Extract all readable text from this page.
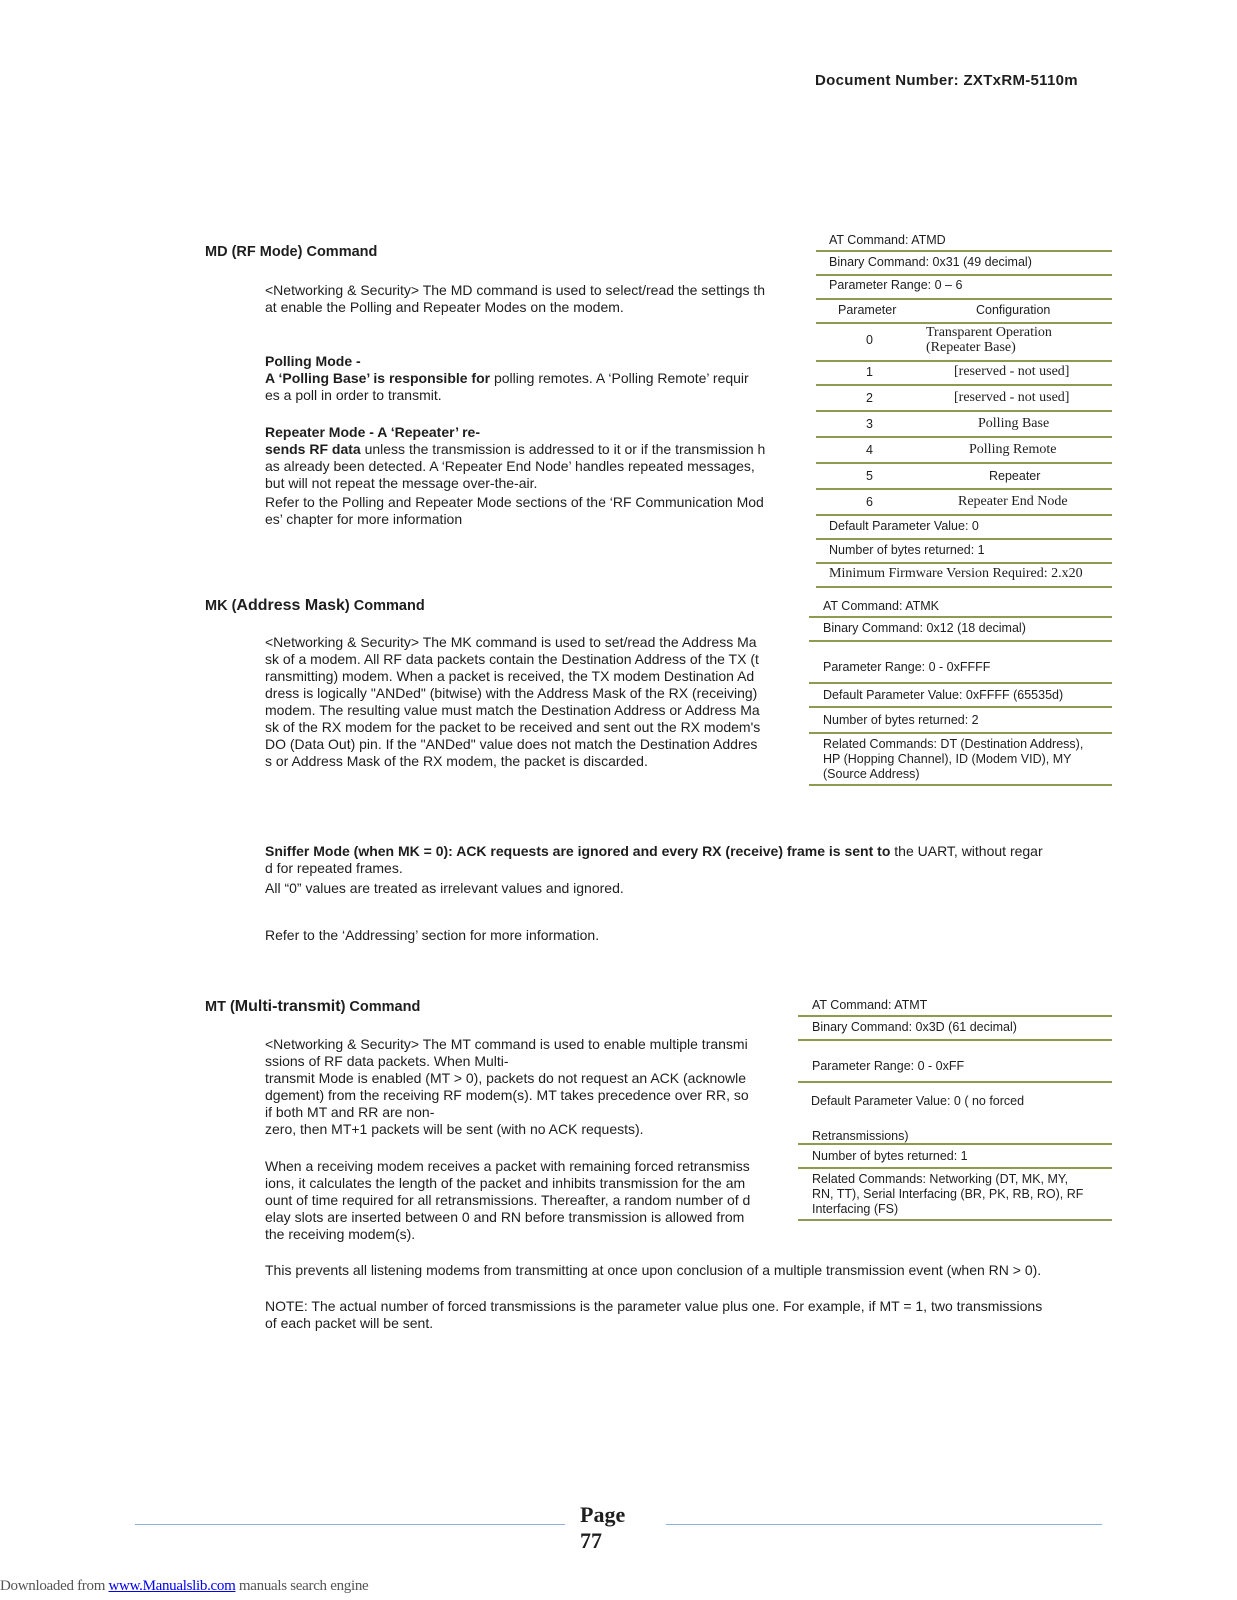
Document Number: ZXTxRM-5110m
MD (RF Mode) Command
<Networking & Security> The MD command is used to select/read the settings th
at enable the Polling and Repeater Modes on the modem.

Polling Mode -
A ‘Polling Base’ is responsible for polling remotes. A ‘Polling Remote’ requir
es a poll in order to transmit.

Repeater Mode - A ‘Repeater’ re-
sends RF data unless the transmission is addressed to it or if the transmission h
as already been detected. A ‘Repeater End Node’ handles repeated messages,
but will not repeat the message over-the-air.

Refer to the Polling and Repeater Mode sections of the ‘RF Communication Mod
es’ chapter for more information
AT Command: ATMD
Binary Command: 0x31 (49 decimal)
Parameter Range: 0 – 6
Parameter	Configuration
0	Transparent Operation
(Repeater Base)
1	[reserved - not used]
2	[reserved - not used]
3	Polling Base
4	Polling Remote
5	Repeater
6	Repeater End Node
Default Parameter Value: 0
Number of bytes returned: 1
Minimum Firmware Version Required: 2.x20
MK (Address Mask) Command
<Networking & Security> The MK command is used to set/read the Address Ma
sk of a modem. All RF data packets contain the Destination Address of the TX (t
ransmitting) modem. When a packet is received, the TX modem Destination Ad
dress is logically "ANDed" (bitwise) with the Address Mask of the RX (receiving)
modem. The resulting value must match the Destination Address or Address Ma
sk of the RX modem for the packet to be received and sent out the RX modem's
DO (Data Out) pin. If the "ANDed" value does not match the Destination Addres
s or Address Mask of the RX modem, the packet is discarded.
AT Command: ATMK
Binary Command: 0x12 (18 decimal)
Parameter Range: 0 - 0xFFFF
Default Parameter Value: 0xFFFF (65535d)
Number of bytes returned: 2
Related Commands: DT (Destination Address),
HP (Hopping Channel), ID (Modem VID), MY
(Source Address)

Sniffer Mode (when MK = 0): ACK requests are ignored and every RX (receive) frame is sent to the UART, without regar
d for repeated frames.

All “0” values are treated as irrelevant values and ignored.
Refer to the ‘Addressing’ section for more information.
MT (Multi-transmit) Command
<Networking & Security> The MT command is used to enable multiple transmi
ssions of RF data packets. When Multi-
transmit Mode is enabled (MT > 0), packets do not request an ACK (acknowle
dgement) from the receiving RF modem(s). MT takes precedence over RR, so
if both MT and RR are non-
zero, then MT+1 packets will be sent (with no ACK requests).
When a receiving modem receives a packet with remaining forced retransmiss
ions, it calculates the length of the packet and inhibits transmission for the am
ount of time required for all retransmissions. Thereafter, a random number of d
elay slots are inserted between 0 and RN before transmission is allowed from
the receiving modem(s).
AT Command: ATMT
Binary Command: 0x3D (61 decimal)
Parameter Range: 0 - 0xFF
Default Parameter Value: 0 ( no forced
Retransmissions)
Number of bytes returned: 1
Related Commands: Networking (DT, MK, MY,
RN, TT), Serial Interfacing (BR, PK, RB, RO), RF
Interfacing (FS)
This prevents all listening modems from transmitting at once upon conclusion of a multiple transmission event (when RN > 0).
NOTE: The actual number of forced transmissions is the parameter value plus one. For example, if MT = 1, two transmissions
of each packet will be sent.
Page
77
Downloaded from www.Manualslib.com manuals search engine
